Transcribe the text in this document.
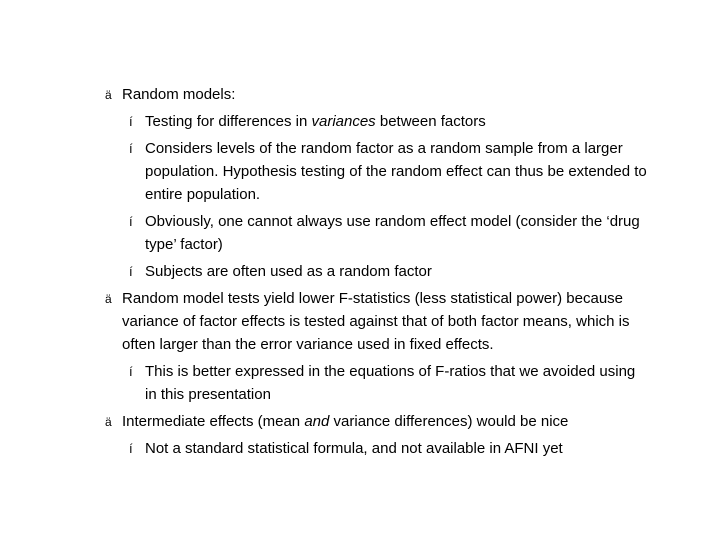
ä Random models:
í Testing for differences in variances between factors
í Considers levels of the random factor as a random sample from a larger population. Hypothesis testing of the random effect can thus be extended to entire population.
í Obviously, one cannot always use random effect model (consider the ‘drug type’ factor)
í Subjects are often used as a random factor
ä Random model tests yield lower F-statistics (less statistical power) because variance of factor effects is tested against that of both factor means, which is often larger than the error variance used in fixed effects.
í This is better expressed in the equations of F-ratios that we avoided using in this presentation
ä Intermediate effects (mean and variance differences) would be nice
í Not a standard statistical formula, and not available in AFNI yet
